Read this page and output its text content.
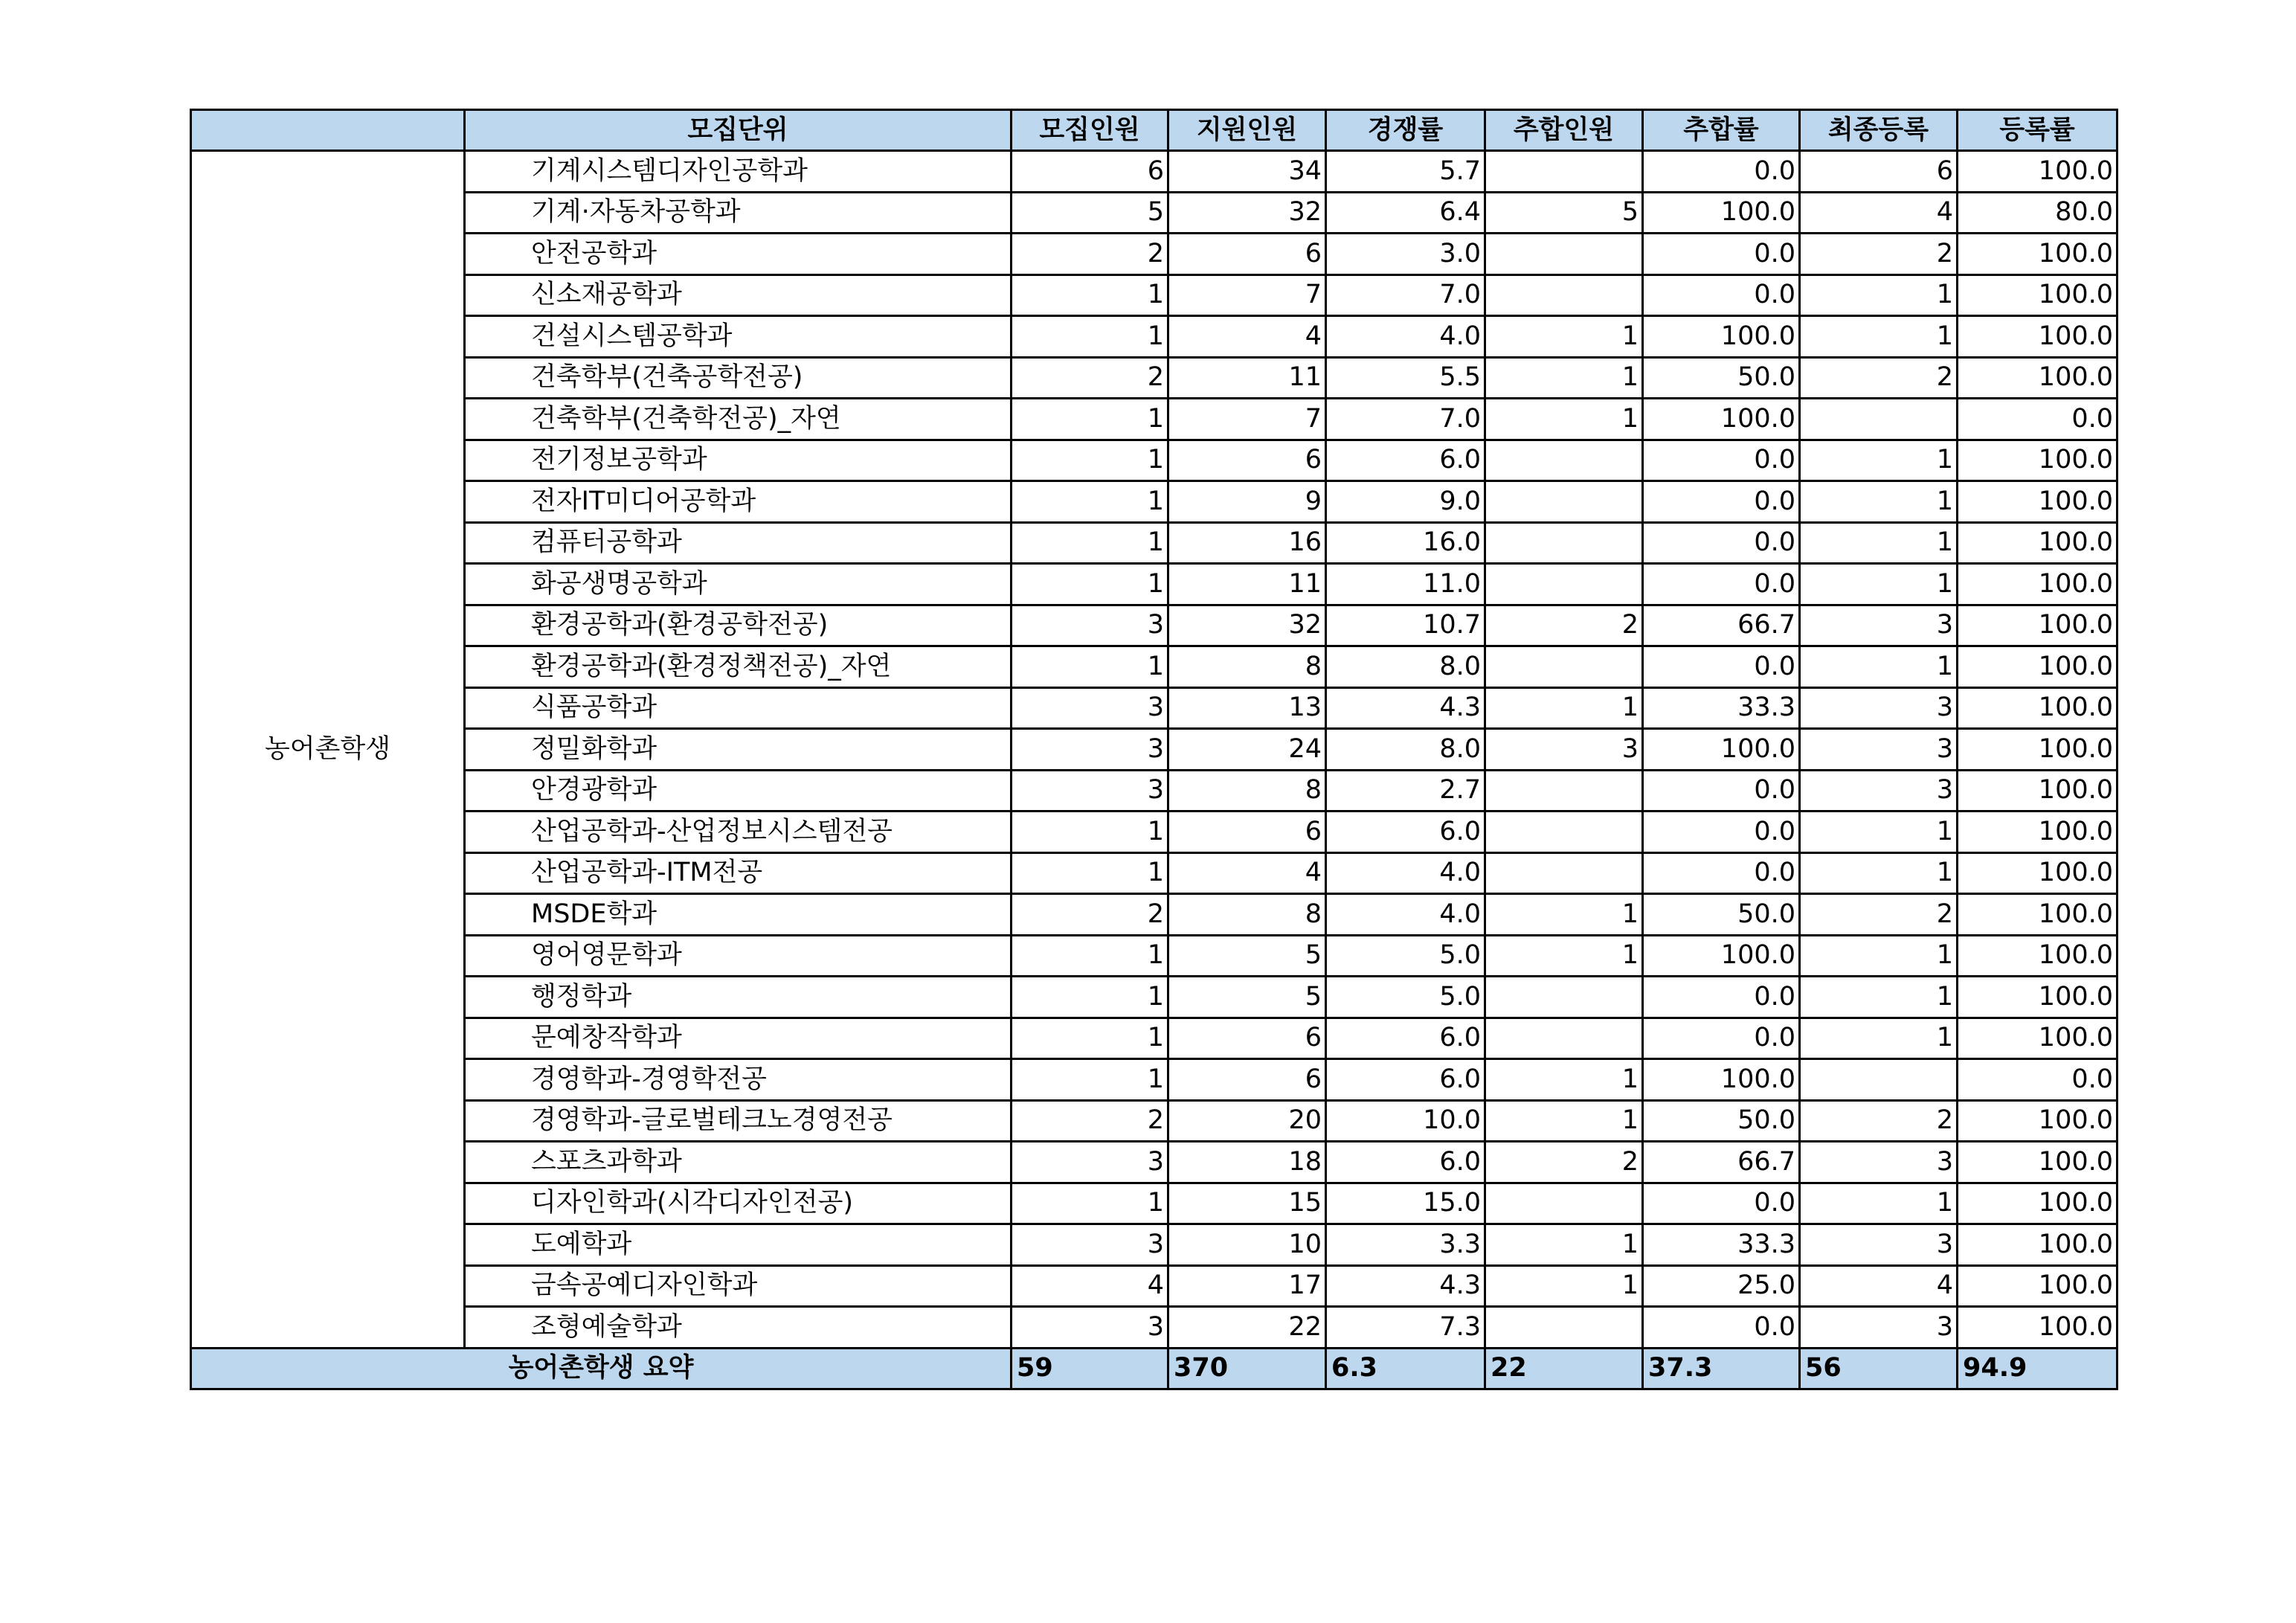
	모집단위	모집인원	지원인원	경쟁률	추합인원	추합률	최종등록	등록률
농어촌학생	기계시스템디자인공학과	6	34	5.7		0.0	6	100.0
	기계·자동차공학과	5	32	6.4	5	100.0	4	80.0
	안전공학과	2	6	3.0		0.0	2	100.0
	신소재공학과	1	7	7.0		0.0	1	100.0
	건설시스템공학과	1	4	4.0	1	100.0	1	100.0
	건축학부(건축공학전공)	2	11	5.5	1	50.0	2	100.0
	건축학부(건축학전공)_자연	1	7	7.0	1	100.0		0.0
	전기정보공학과	1	6	6.0		0.0	1	100.0
	전자IT미디어공학과	1	9	9.0		0.0	1	100.0
	컴퓨터공학과	1	16	16.0		0.0	1	100.0
	화공생명공학과	1	11	11.0		0.0	1	100.0
	환경공학과(환경공학전공)	3	32	10.7	2	66.7	3	100.0
	환경공학과(환경정책전공)_자연	1	8	8.0		0.0	1	100.0
	식품공학과	3	13	4.3	1	33.3	3	100.0
	정밀화학과	3	24	8.0	3	100.0	3	100.0
	안경광학과	3	8	2.7		0.0	3	100.0
	산업공학과-산업정보시스템전공	1	6	6.0		0.0	1	100.0
	산업공학과-ITM전공	1	4	4.0		0.0	1	100.0
	MSDE학과	2	8	4.0	1	50.0	2	100.0
	영어영문학과	1	5	5.0	1	100.0	1	100.0
	행정학과	1	5	5.0		0.0	1	100.0
	문예창작학과	1	6	6.0		0.0	1	100.0
	경영학과-경영학전공	1	6	6.0	1	100.0		0.0
	경영학과-글로벌테크노경영전공	2	20	10.0	1	50.0	2	100.0
	스포츠과학과	3	18	6.0	2	66.7	3	100.0
	디자인학과(시각디자인전공)	1	15	15.0		0.0	1	100.0
	도예학과	3	10	3.3	1	33.3	3	100.0
	금속공예디자인학과	4	17	4.3	1	25.0	4	100.0
	조형예술학과	3	22	7.3		0.0	3	100.0
농어촌학생 요약		59	370	6.3	22	37.3	56	94.9
